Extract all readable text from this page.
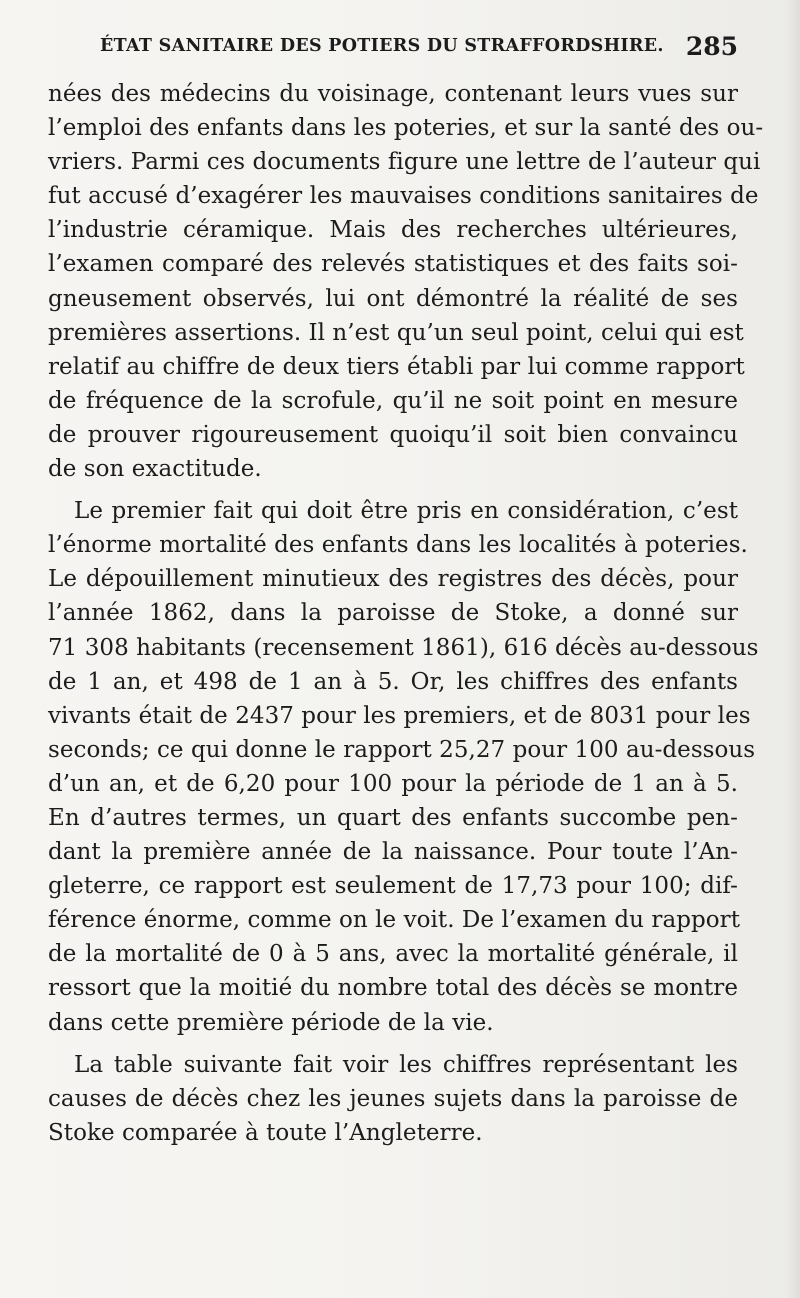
ÉTAT SANITAIRE DES POTIERS DU STRAFFORDSHIRE. 285
nées des médecins du voisinage, contenant leurs vues sur
l’emploi des enfants dans les poteries, et sur la santé des ou-
vriers. Parmi ces documents figure une lettre de l’auteur qui
fut accusé d’exagérer les mauvaises conditions sanitaires de
l’industrie céramique. Mais des recherches ultérieures,
l’examen comparé des relevés statistiques et des faits soi-
gneusement observés, lui ont démontré la réalité de ses
premières assertions. Il n’est qu’un seul point, celui qui est
relatif au chiffre de deux tiers établi par lui comme rapport
de fréquence de la scrofule, qu’il ne soit point en mesure
de prouver rigoureusement quoiqu’il soit bien convaincu
de son exactitude.
Le premier fait qui doit être pris en considération, c’est
l’énorme mortalité des enfants dans les localités à poteries.
Le dépouillement minutieux des registres des décès, pour
l’année 1862, dans la paroisse de Stoke, a donné sur
71 308 habitants (recensement 1861), 616 décès au-dessous
de 1 an, et 498 de 1 an à 5. Or, les chiffres des enfants
vivants était de 2437 pour les premiers, et de 8031 pour les
seconds; ce qui donne le rapport 25,27 pour 100 au-dessous
d’un an, et de 6,20 pour 100 pour la période de 1 an à 5.
En d’autres termes, un quart des enfants succombe pen-
dant la première année de la naissance. Pour toute l’An-
gleterre, ce rapport est seulement de 17,73 pour 100; dif-
férence énorme, comme on le voit. De l’examen du rapport
de la mortalité de 0 à 5 ans, avec la mortalité générale, il
ressort que la moitié du nombre total des décès se montre
dans cette première période de la vie.
La table suivante fait voir les chiffres représentant les
causes de décès chez les jeunes sujets dans la paroisse de
Stoke comparée à toute l’Angleterre.
